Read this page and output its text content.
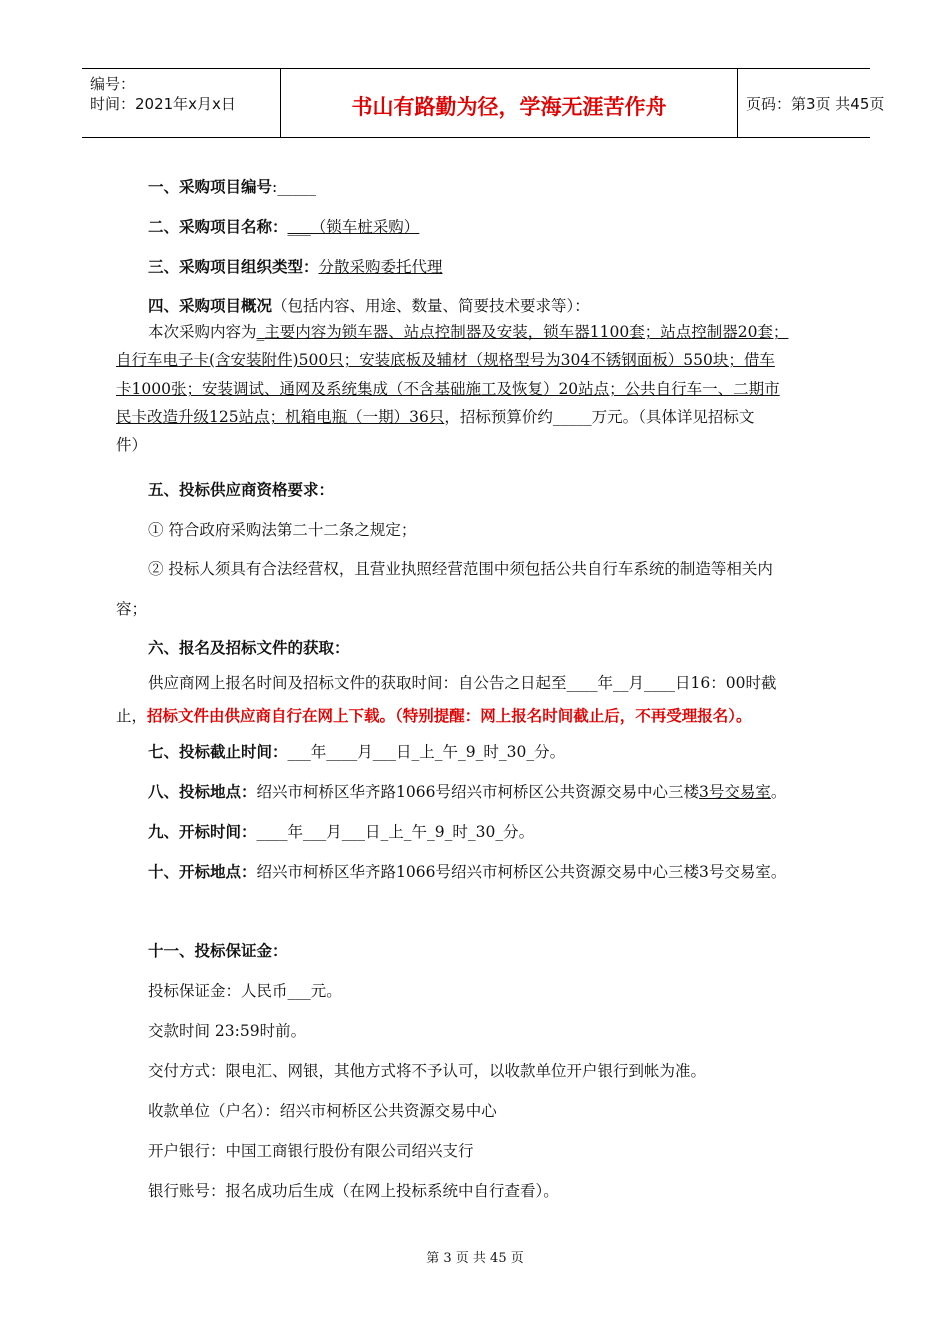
编号：
时间：2021年x月x日	书山有路勤为径，学海无涯苦作舟	页码：第3页 共45页
一、采购项目编号:_____
二、采购项目名称：___（锁车桩采购）
三、采购项目组织类型：分散采购委托代理
四、采购项目概况（包括内容、用途、数量、简要技术要求等）：
本次采购内容为_主要内容为锁车器、站点控制器及安装，锁车器1100套；站点控制器20套；
自行车电子卡(含安装附件)500只；安装底板及辅材（规格型号为304不锈钢面板）550块；借车
卡1000张；安装调试、通网及系统集成（不含基础施工及恢复）20站点；公共自行车一、二期市
民卡改造升级125站点；机箱电瓶（一期）36只，招标预算价约_____万元。（具体详见招标文
件）
五、投标供应商资格要求：
① 符合政府采购法第二十二条之规定；
② 投标人须具有合法经营权，且营业执照经营范围中须包括公共自行车系统的制造等相关内
容；
六、报名及招标文件的获取：
供应商网上报名时间及招标文件的获取时间：自公告之日起至____年__月____日16：00时截
止，招标文件由供应商自行在网上下载。（特别提醒：网上报名时间截止后，不再受理报名）。
七、投标截止时间：___年____月___日_上_午_9_时_30_分。
八、投标地点：绍兴市柯桥区华齐路1066号绍兴市柯桥区公共资源交易中心三楼3号交易室。
九、开标时间：____年___月___日_上_午_9_时_30_分。
十、开标地点：绍兴市柯桥区华齐路1066号绍兴市柯桥区公共资源交易中心三楼3号交易室。
十一、投标保证金：
投标保证金：人民币___元。
交款时间 23:59时前。
交付方式：限电汇、网银，其他方式将不予认可，以收款单位开户银行到帐为准。
收款单位（户名）：绍兴市柯桥区公共资源交易中心
开户银行：中国工商银行股份有限公司绍兴支行
银行账号：报名成功后生成（在网上投标系统中自行查看）。
第 3 页 共 45 页
